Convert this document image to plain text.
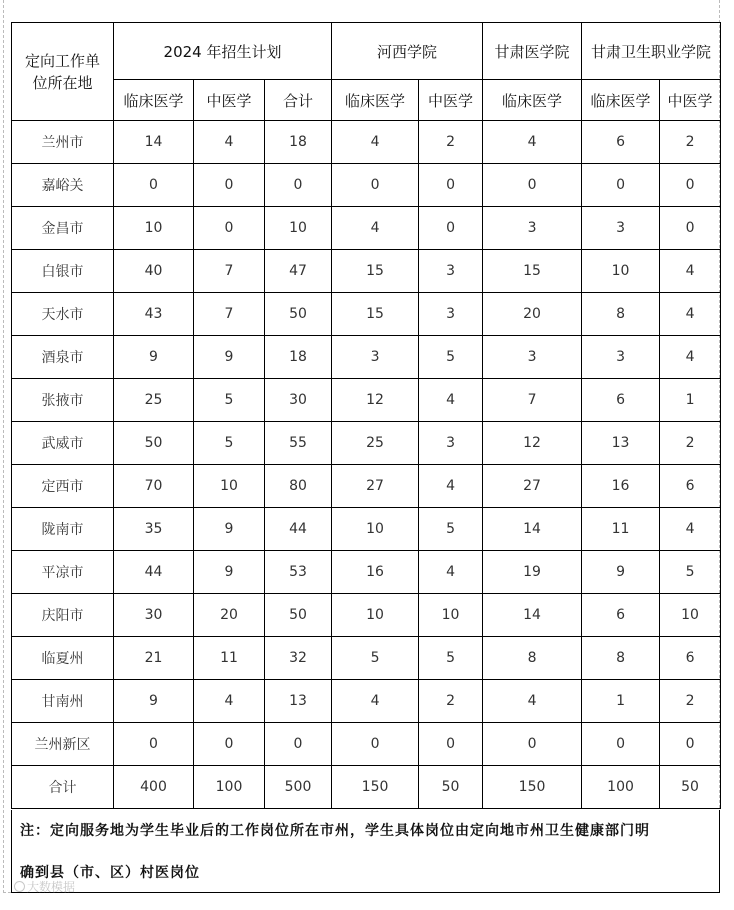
定向工作单位所在地	2024 年招生计划			河西学院		甘肃医学院	甘肃卫生职业学院	
	临床医学	中医学	合计	临床医学	中医学	临床医学	临床医学	中医学
兰州市	14	4	18	4	2	4	6	2
嘉峪关	0	0	0	0	0	0	0	0
金昌市	10	0	10	4	0	3	3	0
白银市	40	7	47	15	3	15	10	4
天水市	43	7	50	15	3	20	8	4
酒泉市	9	9	18	3	5	3	3	4
张掖市	25	5	30	12	4	7	6	1
武威市	50	5	55	25	3	12	13	2
定西市	70	10	80	27	4	27	16	6
陇南市	35	9	44	10	5	14	11	4
平凉市	44	9	53	16	4	19	9	5
庆阳市	30	20	50	10	10	14	6	10
临夏州	21	11	32	5	5	8	8	6
甘南州	9	4	13	4	2	4	1	2
兰州新区	0	0	0	0	0	0	0	0
合计	400	100	500	150	50	150	100	50
注：定向服务地为学生毕业后的工作岗位所在市州，学生具体岗位由定向地市州卫生健康部门明
确到县（市、区）村医岗位
大数模据
